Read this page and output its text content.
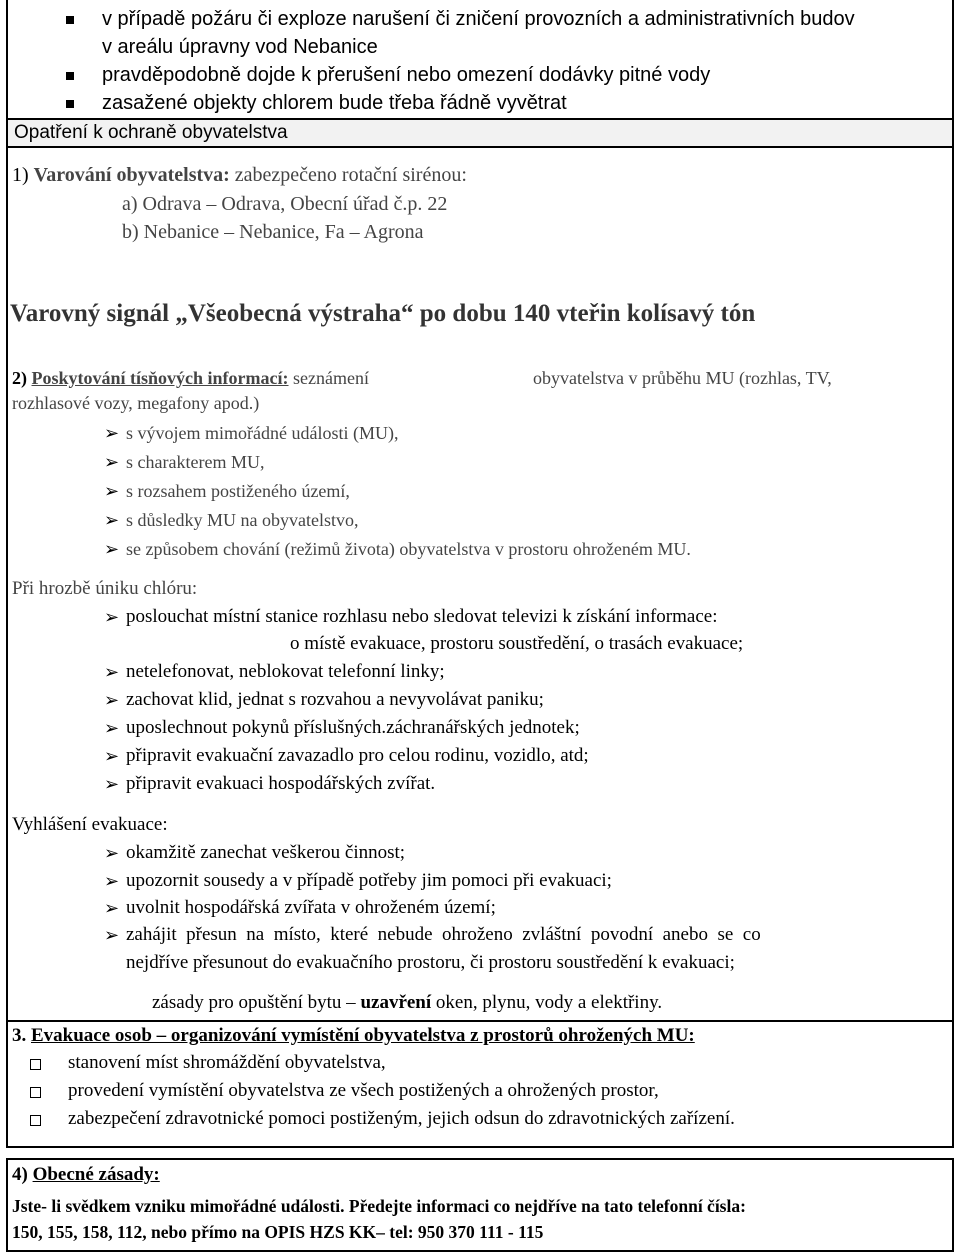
v případě požáru či exploze narušení či zničení provozních a administrativních budov
v areálu úpravny vod Nebanice
pravděpodobně dojde k přerušení nebo omezení dodávky pitné vody
zasažené objekty chlorem bude třeba řádně vyvětrat
Opatření k ochraně obyvatelstva
1) Varování obyvatelstva: zabezpečeno rotační sirénou:
a) Odrava – Odrava, Obecní úřad č.p. 22
b) Nebanice – Nebanice, Fa – Agrona
Varovný signál „Všeobecná výstraha“ po dobu 140 vteřin kolísavý tón
2) Poskytování tísňových informací: seznámení	obyvatelstva v průběhu MU (rozhlas, TV,
rozhlasové vozy, megafony apod.)
➢ s vývojem mimořádné události (MU),
➢ s charakterem MU,
➢ s rozsahem postiženého území,
➢ s důsledky MU na obyvatelstvo,
➢ se způsobem chování (režimů života) obyvatelstva v prostoru ohroženém MU.
Při hrozbě úniku chlóru:
➢ poslouchat místní stanice rozhlasu nebo sledovat televizi k získání informace:
o místě evakuace, prostoru soustředění, o trasách evakuace;
➢ netelefonovat, neblokovat telefonní linky;
➢ zachovat klid, jednat s rozvahou a nevyvolávat paniku;
➢ uposlechnout pokynů příslušných.záchranářských jednotek;
➢ připravit evakuační zavazadlo pro celou rodinu, vozidlo, atd;
➢ připravit evakuaci hospodářských zvířat.
Vyhlášení evakuace:
➢ okamžitě zanechat veškerou činnost;
➢ upozornit sousedy a v případě potřeby jim pomoci při evakuaci;
➢ uvolnit hospodářská zvířata v ohroženém území;
➢ zahájit  přesun  na  místo,  které  nebude  ohroženo  zvláštní  povodní  anebo  se  co
nejdříve přesunout do evakuačního prostoru, či prostoru soustředění k evakuaci;
zásady pro opuštění bytu – uzavření oken, plynu, vody a elektřiny.
3. Evakuace osob – organizování vymístění obyvatelstva z prostorů ohrožených MU:
stanovení míst shromáždění obyvatelstva,
provedení vymístění obyvatelstva ze všech postižených a ohrožených prostor,
zabezpečení zdravotnické pomoci postiženým, jejich odsun do zdravotnických zařízení.
4) Obecné zásady:
Jste- li svědkem vzniku mimořádné události. Předejte informaci co nejdříve na tato telefonní čísla:
150, 155, 158, 112, nebo přímo na OPIS HZS KK– tel: 950 370 111 - 115
